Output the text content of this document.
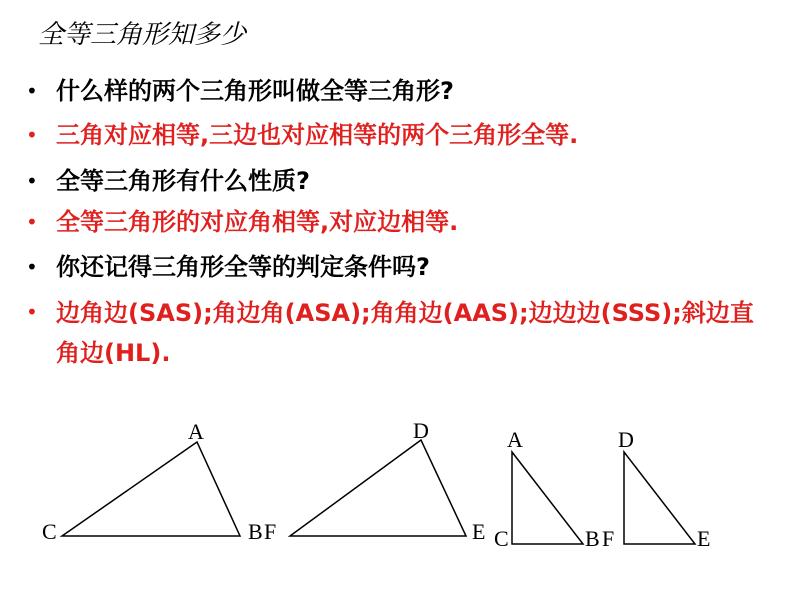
全等三角形知多少
• 什么样的两个三角形叫做全等三角形?
• 三角对应相等,三边也对应相等的两个三角形全等.
• 全等三角形有什么性质?
• 全等三角形的对应角相等,对应边相等.
• 你还记得三角形全等的判定条件吗?
• 边角边(SAS);角边角(ASA);角角边(AAS);边边边(SSS);斜边直角边(HL).
A
C	B F
D
E
A
C	B F
D
E
